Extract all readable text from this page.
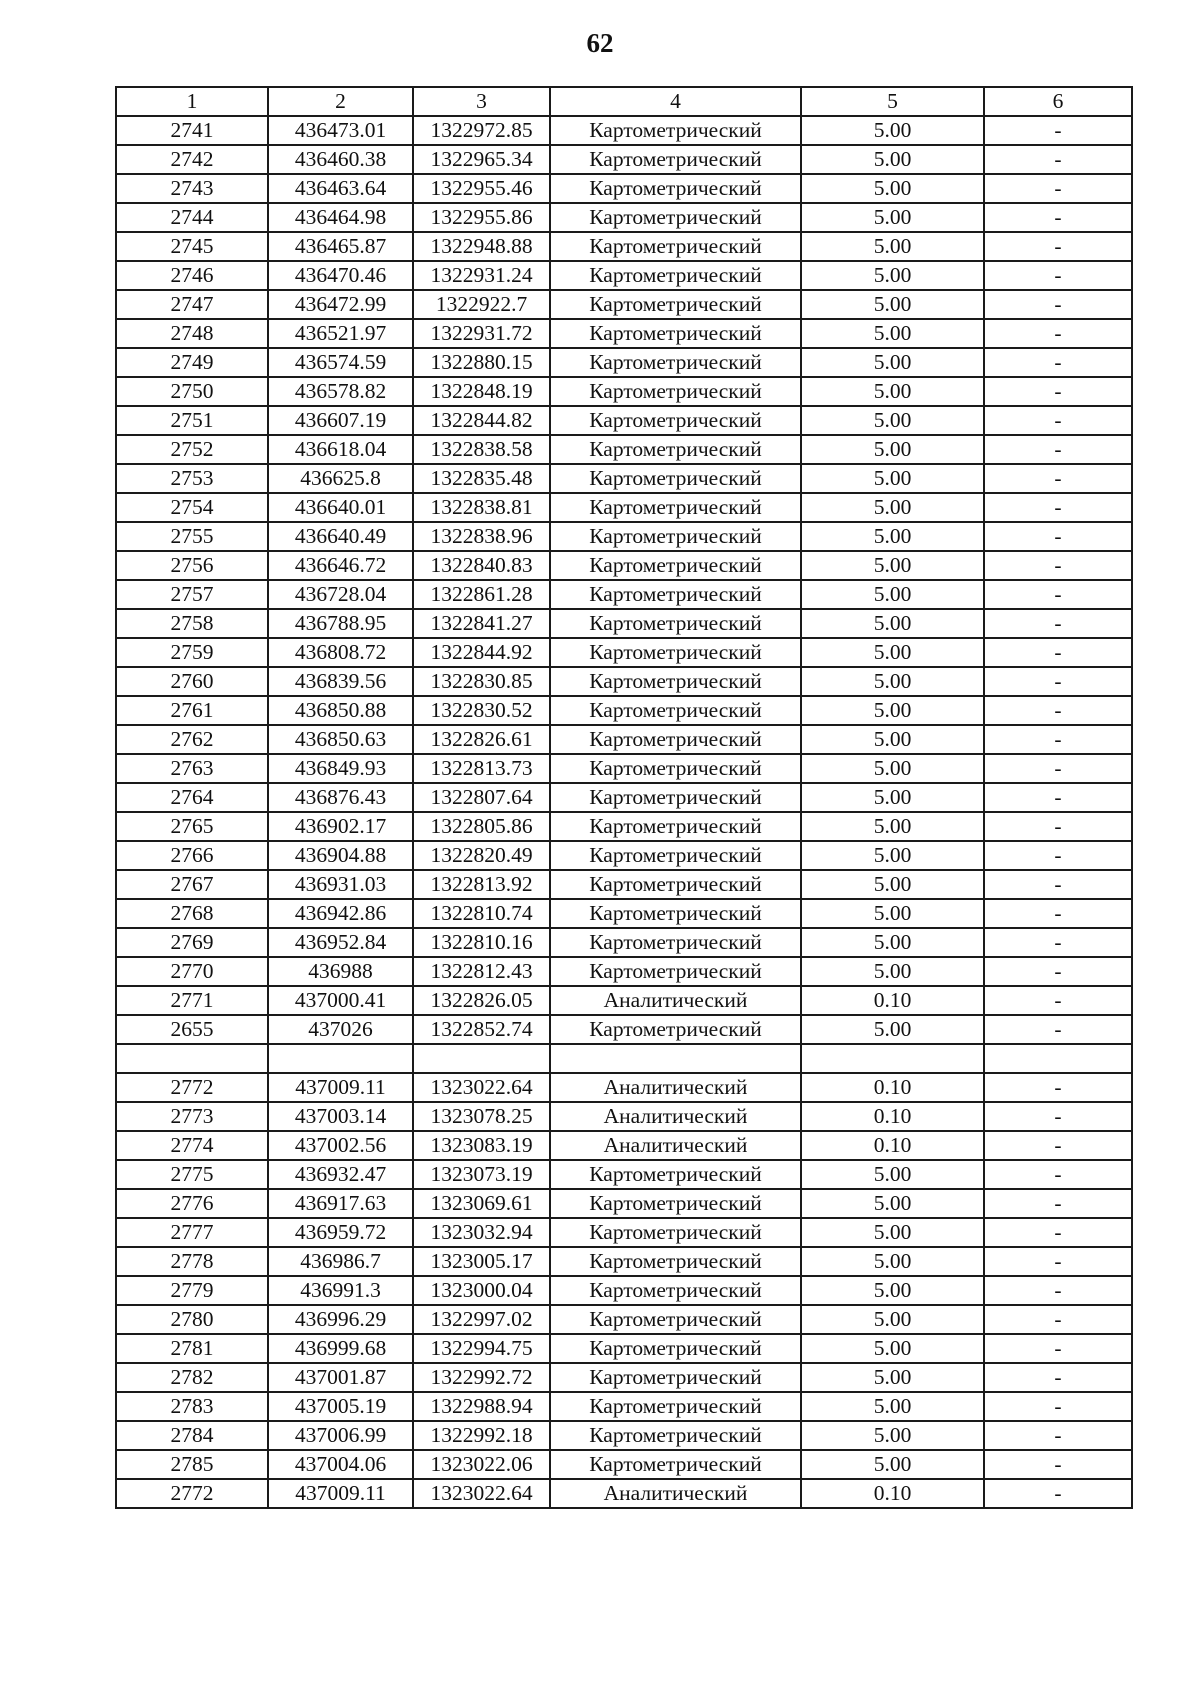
62
1	2	3	4	5	6
2741	436473.01	1322972.85	Картометрический	5.00	-
2742	436460.38	1322965.34	Картометрический	5.00	-
2743	436463.64	1322955.46	Картометрический	5.00	-
2744	436464.98	1322955.86	Картометрический	5.00	-
2745	436465.87	1322948.88	Картометрический	5.00	-
2746	436470.46	1322931.24	Картометрический	5.00	-
2747	436472.99	1322922.7	Картометрический	5.00	-
2748	436521.97	1322931.72	Картометрический	5.00	-
2749	436574.59	1322880.15	Картометрический	5.00	-
2750	436578.82	1322848.19	Картометрический	5.00	-
2751	436607.19	1322844.82	Картометрический	5.00	-
2752	436618.04	1322838.58	Картометрический	5.00	-
2753	436625.8	1322835.48	Картометрический	5.00	-
2754	436640.01	1322838.81	Картометрический	5.00	-
2755	436640.49	1322838.96	Картометрический	5.00	-
2756	436646.72	1322840.83	Картометрический	5.00	-
2757	436728.04	1322861.28	Картометрический	5.00	-
2758	436788.95	1322841.27	Картометрический	5.00	-
2759	436808.72	1322844.92	Картометрический	5.00	-
2760	436839.56	1322830.85	Картометрический	5.00	-
2761	436850.88	1322830.52	Картометрический	5.00	-
2762	436850.63	1322826.61	Картометрический	5.00	-
2763	436849.93	1322813.73	Картометрический	5.00	-
2764	436876.43	1322807.64	Картометрический	5.00	-
2765	436902.17	1322805.86	Картометрический	5.00	-
2766	436904.88	1322820.49	Картометрический	5.00	-
2767	436931.03	1322813.92	Картометрический	5.00	-
2768	436942.86	1322810.74	Картометрический	5.00	-
2769	436952.84	1322810.16	Картометрический	5.00	-
2770	436988	1322812.43	Картометрический	5.00	-
2771	437000.41	1322826.05	Аналитический	0.10	-
2655	437026	1322852.74	Картометрический	5.00	-

2772	437009.11	1323022.64	Аналитический	0.10	-
2773	437003.14	1323078.25	Аналитический	0.10	-
2774	437002.56	1323083.19	Аналитический	0.10	-
2775	436932.47	1323073.19	Картометрический	5.00	-
2776	436917.63	1323069.61	Картометрический	5.00	-
2777	436959.72	1323032.94	Картометрический	5.00	-
2778	436986.7	1323005.17	Картометрический	5.00	-
2779	436991.3	1323000.04	Картометрический	5.00	-
2780	436996.29	1322997.02	Картометрический	5.00	-
2781	436999.68	1322994.75	Картометрический	5.00	-
2782	437001.87	1322992.72	Картометрический	5.00	-
2783	437005.19	1322988.94	Картометрический	5.00	-
2784	437006.99	1322992.18	Картометрический	5.00	-
2785	437004.06	1323022.06	Картометрический	5.00	-
2772	437009.11	1323022.64	Аналитический	0.10	-
